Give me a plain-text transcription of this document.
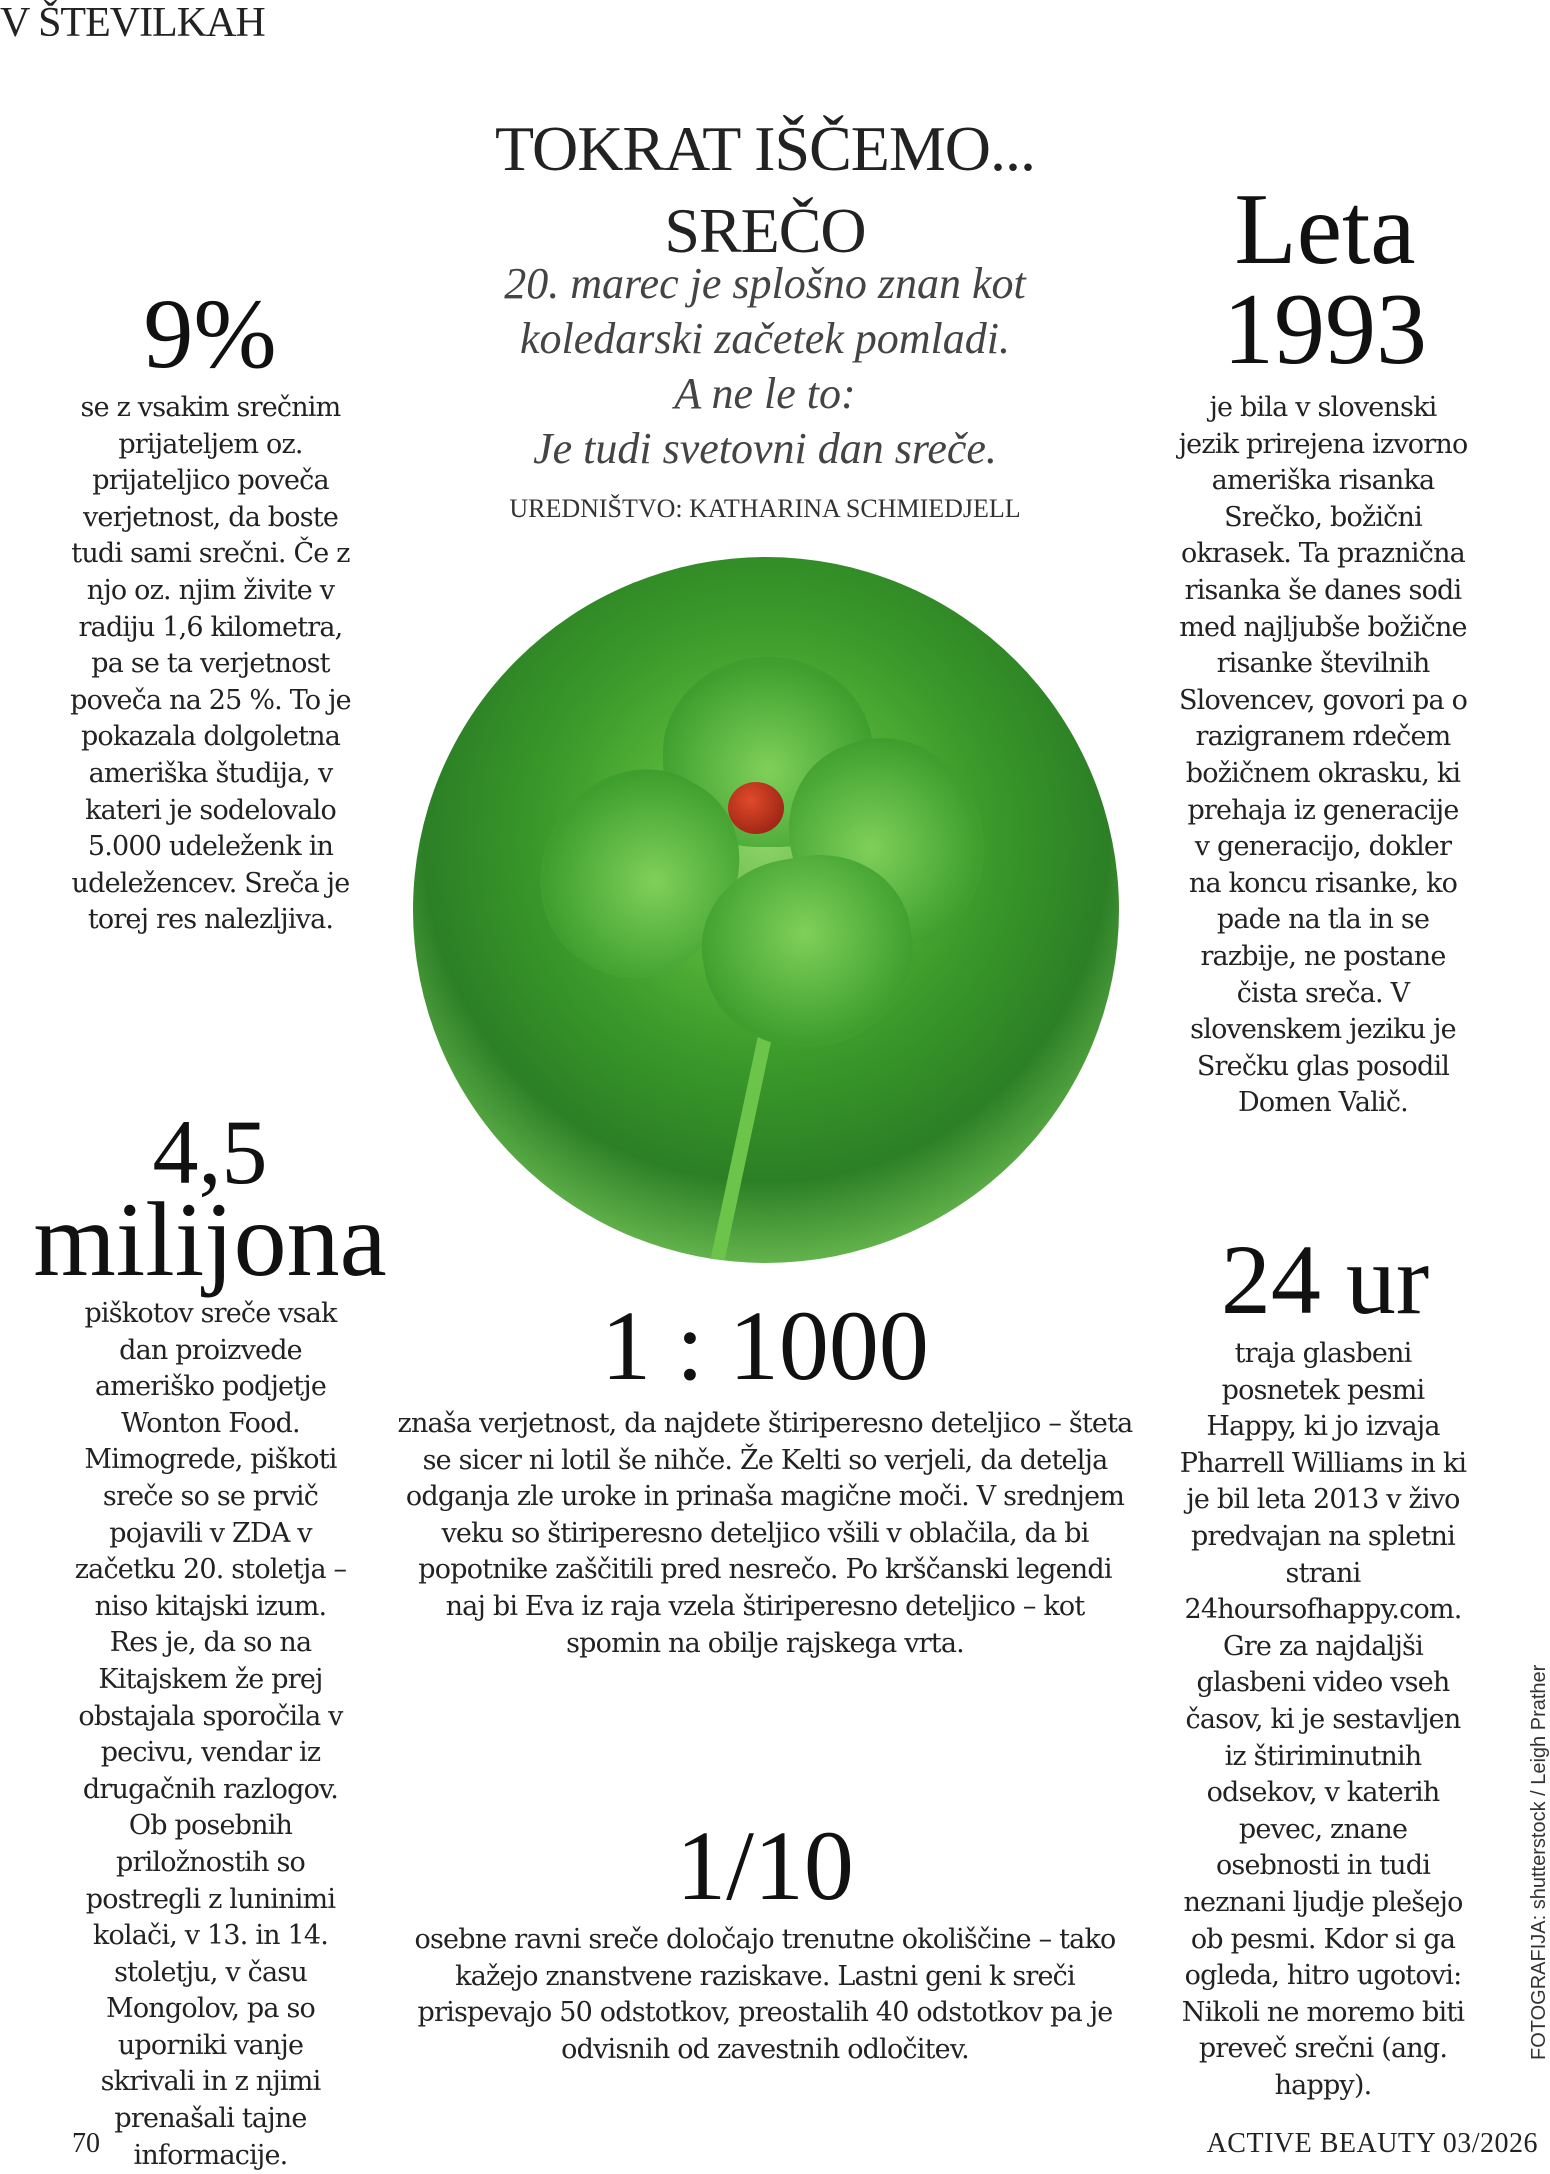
V ŠTEVILKAH
TOKRAT IŠČEMO...
SREČO
20. marec je splošno znan kot
koledarski začetek pomladi.
A ne le to:
Je tudi svetovni dan sreče.
UREDNIŠTVO: KATHARINA SCHMIEDJELL
9%
se z vsakim srečnim prijateljem oz. prijateljico poveča verjetnost, da boste tudi sami srečni. Če z njo oz. njim živite v radiju 1,6 kilometra, pa se ta verjetnost poveča na 25 %. To je pokazala dolgoletna ameriška študija, v kateri je sodelovalo 5.000 udeleženk in udeležencev. Sreča je torej res nalezljiva.
Leta
1993
je bila v slovenski jezik prirejena izvorno ameriška risanka Srečko, božični okrasek. Ta praznična risanka še danes sodi med najljubše božične risanke številnih Slovencev, govori pa o razigranem rdečem božičnem okrasku, ki prehaja iz generacije v generacijo, dokler na koncu risanke, ko pade na tla in se razbije, ne postane čista sreča. V slovenskem jeziku je Srečku glas posodil Domen Valič.
4,5
milijona
piškotov sreče vsak dan proizvede ameriško podjetje Wonton Food. Mimogrede, piškoti sreče so se prvič pojavili v ZDA v začetku 20. stoletja – niso kitajski izum. Res je, da so na Kitajskem že prej obstajala sporočila v pecivu, vendar iz drugačnih razlogov. Ob posebnih priložnostih so postregli z luninimi kolači, v 13. in 14. stoletju, v času Mongolov, pa so uporniki vanje skrivali in z njimi prenašali tajne informacije.
1 : 1000
znaša verjetnost, da najdete štiriperesno deteljico – šteta se sicer ni lotil še nihče. Že Kelti so verjeli, da detelja odganja zle uroke in prinaša magične moči. V srednjem veku so štiriperesno deteljico všili v oblačila, da bi popotnike zaščitili pred nesrečo. Po krščanski legendi naj bi Eva iz raja vzela štiriperesno deteljico – kot spomin na obilje rajskega vrta.
24 ur
traja glasbeni posnetek pesmi Happy, ki jo izvaja Pharrell Williams in ki je bil leta 2013 v živo predvajan na spletni strani 24hoursofhappy.com. Gre za najdaljši glasbeni video vseh časov, ki je sestavljen iz štiriminutnih odsekov, v katerih pevec, znane osebnosti in tudi neznani ljudje plešejo ob pesmi. Kdor si ga ogleda, hitro ugotovi: Nikoli ne moremo biti preveč srečni (ang. happy).
1/10
osebne ravni sreče določajo trenutne okoliščine – tako kažejo znanstvene raziskave. Lastni geni k sreči prispevajo 50 odstotkov, preostalih 40 odstotkov pa je odvisnih od zavestnih odločitev.	FOTOGRAFIJA: shutterstock / Leigh Prather
70	ACTIVE BEAUTY 03/2026
